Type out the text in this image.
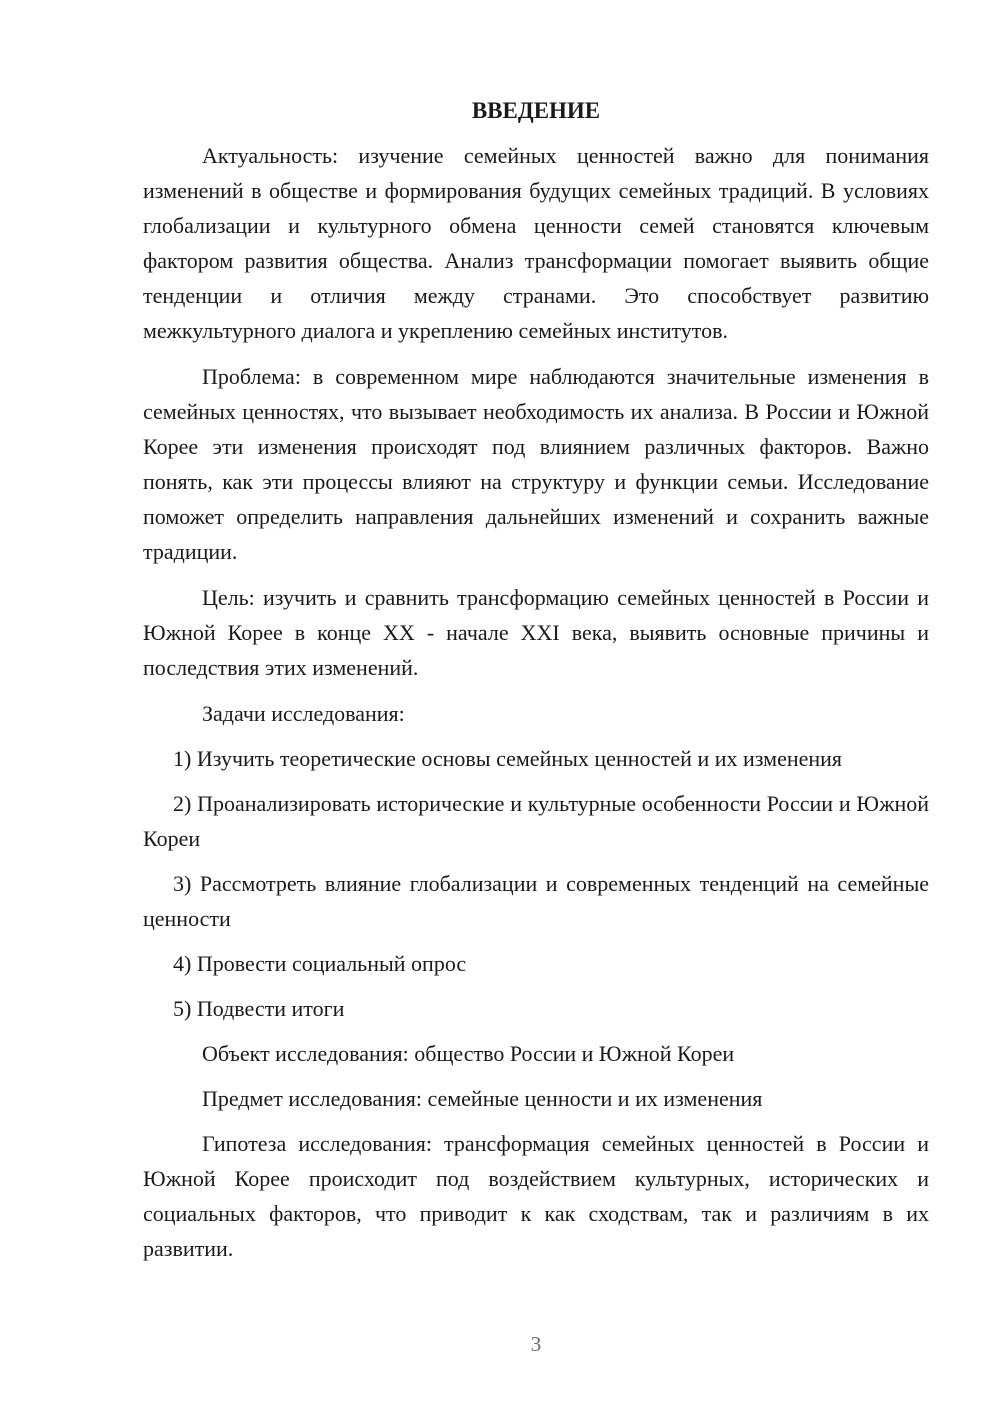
ВВЕДЕНИЕ

Актуальность: изучение семейных ценностей важно для понимания изменений в обществе и формирования будущих семейных традиций. В условиях глобализации и культурного обмена ценности семей становятся ключевым фактором развития общества. Анализ трансформации помогает выявить общие тенденции и отличия между странами. Это способствует развитию межкультурного диалога и укреплению семейных институтов.

Проблема: в современном мире наблюдаются значительные изменения в семейных ценностях, что вызывает необходимость их анализа. В России и Южной Корее эти изменения происходят под влиянием различных факторов. Важно понять, как эти процессы влияют на структуру и функции семьи. Исследование поможет определить направления дальнейших изменений и сохранить важные традиции.

Цель: изучить и сравнить трансформацию семейных ценностей в России и Южной Корее в конце XX - начале XXI века, выявить основные причины и последствия этих изменений.

Задачи исследования:

1) Изучить теоретические основы семейных ценностей и их изменения

2) Проанализировать исторические и культурные особенности России и Южной Кореи

3) Рассмотреть влияние глобализации и современных тенденций на семейные ценности

4) Провести социальный опрос

5) Подвести итоги

Объект исследования: общество России и Южной Кореи

Предмет исследования: семейные ценности и их изменения

Гипотеза исследования: трансформация семейных ценностей в России и Южной Корее происходит под воздействием культурных, исторических и социальных факторов, что приводит к как сходствам, так и различиям в их развитии.

3
